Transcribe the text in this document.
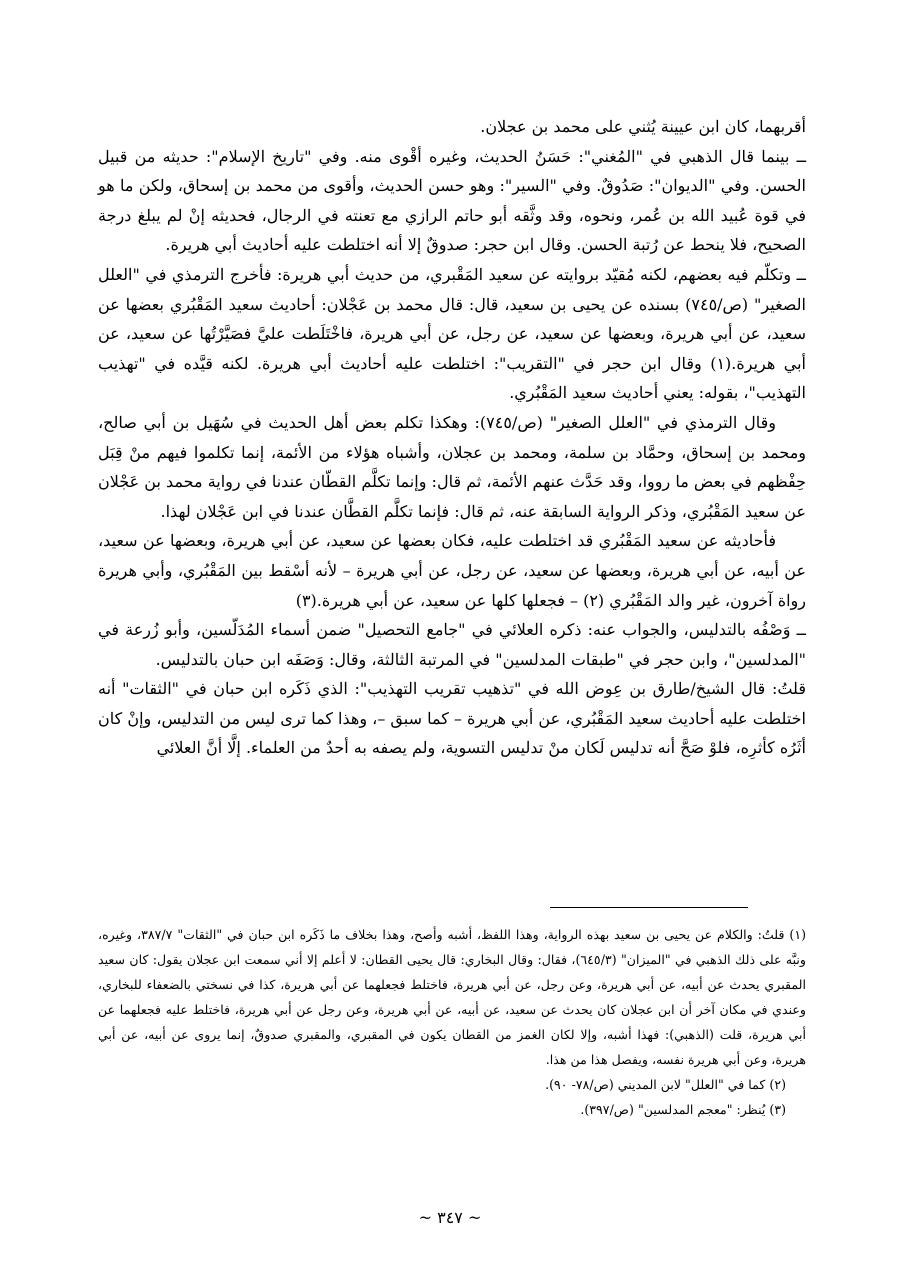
أقربهما، كان ابن عيينة يُثني على محمد بن عجلان.

ــ بينما قال الذهبي في "المُغني": حَسَنُ الحديث، وغيره أقْوى منه. وفي "تاريخ الإسلام": حديثه من قبيل الحسن. وفي "الديوان": صَدُوقٌ. وفي "السير": وهو حسن الحديث، وأقوى من محمد بن إسحاق، ولكن ما هو في قوة عُبيد الله بن عُمر، ونحوه، وقد وثَّقه أبو حاتم الرازي مع تعنته في الرجال، فحديثه إنْ لم يبلغ درجة الصحيح، فلا ينحط عن رُتبة الحسن. وقال ابن حجر: صدوقٌ إلا أنه اختلطت عليه أحاديث أبي هريرة.

ــ وتكلّم فيه بعضهم، لكنه مُقيّد بروايته عن سعيد المَقْبري، من حديث أبي هريرة: فأخرج الترمذي في "العلل الصغير" (ص/٧٤٥) بسنده عن يحيى بن سعيد، قال: قال محمد بن عَجْلان: أحاديث سعيد المَقْبُري بعضها عن سعيد، عن أبي هريرة، وبعضها عن سعيد، عن رجل، عن أبي هريرة، فاخْتَلَطت عليَّ فصَيَّرْتُها عن سعيد، عن أبي هريرة.(١) وقال ابن حجر في "التقريب": اختلطت عليه أحاديث أبي هريرة. لكنه قيَّده في "تهذيب التهذيب"، بقوله: يعني أحاديث سعيد المَقْبُري.

وقال الترمذي في "العلل الصغير" (ص/٧٤٥): وهكذا تكلم بعض أهل الحديث في سُهَيل بن أبي صالح، ومحمد بن إسحاق، وحمَّاد بن سلمة، ومحمد بن عجلان، وأشباه هؤلاء من الأئمة، إنما تكلموا فيهم منْ قِبَل حِفْظهم في بعض ما رووا، وقد حَدَّث عنهم الأئمة، ثم قال: وإنما تكلَّم القطّان عندنا في رواية محمد بن عَجْلان عن سعيد المَقْبُري، وذكر الرواية السابقة عنه، ثم قال: فإنما تكلَّم القطَّان عندنا في ابن عَجْلان لهذا.

فأحاديثه عن سعيد المَقْبُري قد اختلطت عليه، فكان بعضها عن سعيد، عن أبي هريرة، وبعضها عن سعيد، عن أبيه، عن أبي هريرة، وبعضها عن سعيد، عن رجل، عن أبي هريرة – لأنه أسْقط بين المَقْبُري، وأبي هريرة رواة آخرون، غير والد المَقْبُري (٢) – فجعلها كلها عن سعيد، عن أبي هريرة.(٣)

ــ وَصْفُه بالتدليس، والجواب عنه: ذكره العلائي في "جامع التحصيل" ضمن أسماء المُدَلّسين، وأبو زُرعة في "المدلسين"، وابن حجر في "طبقات المدلسين" في المرتبة الثالثة، وقال: وَصَفَه ابن حبان بالتدليس.

قلتُ: قال الشيخ/طارق بن عِوض الله في "تذهيب تقريب التهذيب": الذي ذَكَره ابن حبان في "الثقات" أنه اختلطت عليه أحاديث سعيد المَقْبُري، عن أبي هريرة – كما سبق –، وهذا كما ترى ليس من التدليس، وإنْ كان أثَرُه كأثرِه، فلوْ صَحَّ أنه تدليس لَكان منْ تدليس التسوية، ولم يصفه به أحدٌ من العلماء. إلَّا أنَّ العلائي

(١) قلتُ: والكلام عن يحيى بن سعيد بهذه الرواية، وهذا اللفظ، أشبه وأصح، وهذا بخلاف ما ذَكَره ابن حبان في "الثقات" ٣٨٧/٧، وغيره، ونبَّه على ذلك الذهبي في "الميزان" (٦٤٥/٣)، فقال: وقال البخاري: قال يحيى القطان: لا أعلم إلا أني سمعت ابن عجلان يقول: كان سعيد المقبري يحدث عن أبيه، عن أبي هريرة، وعن رجل، عن أبي هريرة، فاختلط فجعلهما عن أبي هريرة، كذا في نسختي بالضعفاء للبخاري، وعندي في مكان آخر أن ابن عجلان كان يحدث عن سعيد، عن أبيه، عن أبي هريرة، وعن رجل عن أبي هريرة، فاختلط عليه فجعلهما عن أبي هريرة، قلت (الذهبي): فهذا أشبه، وإلا لكان الغمز من القطان يكون في المقبري، والمقبري صدوقٌ، إنما يروى عن أبيه، عن أبي هريرة، وعن أبي هريرة نفسه، ويفصل هذا من هذا.

(٢) كما في "العلل" لابن المديني (ص/٧٨- ٩٠).

(٣) يُنظر: "معجم المدلسين" (ص/٣٩٧).

~ ٣٤٧ ~
